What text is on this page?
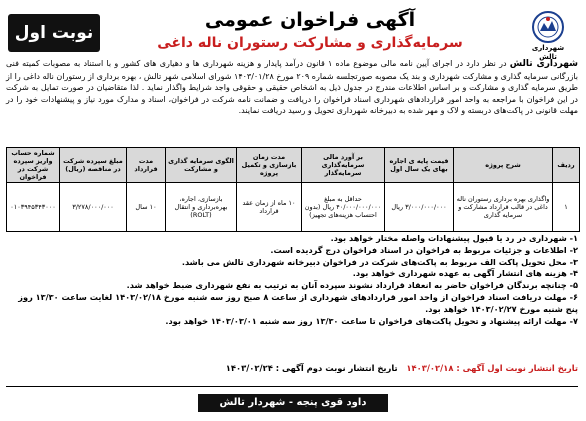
نوبت اول
شهرداری تالش
آگهی فراخوان عمومی
سرمایه‌گذاری و مشارکت رستوران ناله داغی
شهرداری تالش در نظر دارد در اجرای آیین نامه مالی موضوع ماده ۱ قانون درآمد پایدار و هزینه شهرداری ها و دهیاری های کشور و با استناد به مصوبات کمیته فنی بازرگانی سرمایه گذاری و مشارکت شهرداری و بند یک مصوبه صورتجلسه شماره ۲۰۹ مورخ ۱۴۰۳/۰۱/۲۸ شورای اسلامی شهر تالش ، بهره برداری از رستوران ناله داغی را از طریق سرمایه گذاری و مشارکت و بر اساس اطلاعات مندرج در جدول ذیل به اشخاص حقیقی و حقوقی واجد شرایط واگذار نماید . لذا متقاضیان در صورت تمایل به شرکت در این فراخوان با مراجعه به واحد امور قراردادهای شهرداری اسناد فراخوان را دریافت و ضمانت نامه شرکت در فراخوان، اسناد و مدارک مورد نیاز و پیشنهادات خود را در مهلت قانونی در پاکت‌های دربسته و لاک و مهر شده به دبیرخانه شهرداری تحویل و رسید دریافت نمایند.
ردیف	شرح پروژه	قیمت پایه ی اجاره بهای یک سال اول	بر آورد مالی سرمایه‌گذاری سرمایه‌گذار	مدت زمان بازسازی و تکمیل پروژه	الگوی سرمایه گذاری و مشارکت	مدت قرارداد	مبلغ سپرده شرکت در مناقصه (ریال)	شماره حساب واریز سپرده شرکت در فراخوان
۱	واگذاری بهره برداری رستوران ناله داغی در قالب قرارداد مشارکت و سرمایه گذاری	۳/۰۰۰/۰۰۰/۰۰۰ ریال	حداقل به مبلغ ۴۰/۰۰۰/۰۰۰/۰۰۰ ریال (بدون احتساب هزینه‌های تجهیز)	۱۰ ماه از زمان عقد قرارداد	بازسازی، اجاره، بهره‌برداری و انتقال (ROLT)	۱۰ سال	۳/۲۷۸/۰۰۰/۰۰۰	۰۱۰۳۹۴۵۳۴۳۰۰۰
۱- شهرداری در رد یا قبول پیشنهادات واصله مختار خواهد بود.
۲- اطلاعات و جزئیات مربوط به فراخوان در اسناد فراخوان درج گردیده است.
۳- محل تحویل پاکت الف مربوط به پاکت‌های شرکت در فراخوان دبیرخانه شهرداری تالش می باشد.
۴- هزینه های انتشار آگهی به عهده شهرداری خواهد بود.
۵- چنانچه برندگان فراخوان حاضر به انعقاد قرارداد نشوند سپرده آنان به ترتیب به نفع شهرداری ضبط خواهد شد.
۶- مهلت دریافت اسناد فراخوان از واحد امور قراردادهای شهرداری از ساعت ۸ صبح روز سه شنبه مورخ ۱۴۰۳/۰۲/۱۸ لغایت ساعت ۱۳/۳۰ روز پنج شنبه مورخ ۱۴۰۳/۰۲/۲۷ خواهد بود.
۷- مهلت ارائه پیشنهاد و تحویل پاکت‌های فراخوان تا ساعت ۱۳/۳۰ روز سه شنبه ۱۴۰۳/۰۳/۰۱ خواهد بود.
تاریخ انتشار نوبت اول آگهی : ۱۴۰۳/۰۲/۱۸   تاریخ انتشار نوبت دوم آگهی : ۱۴۰۳/۰۲/۲۴
داود قوی پنجه - شهردار تالش
